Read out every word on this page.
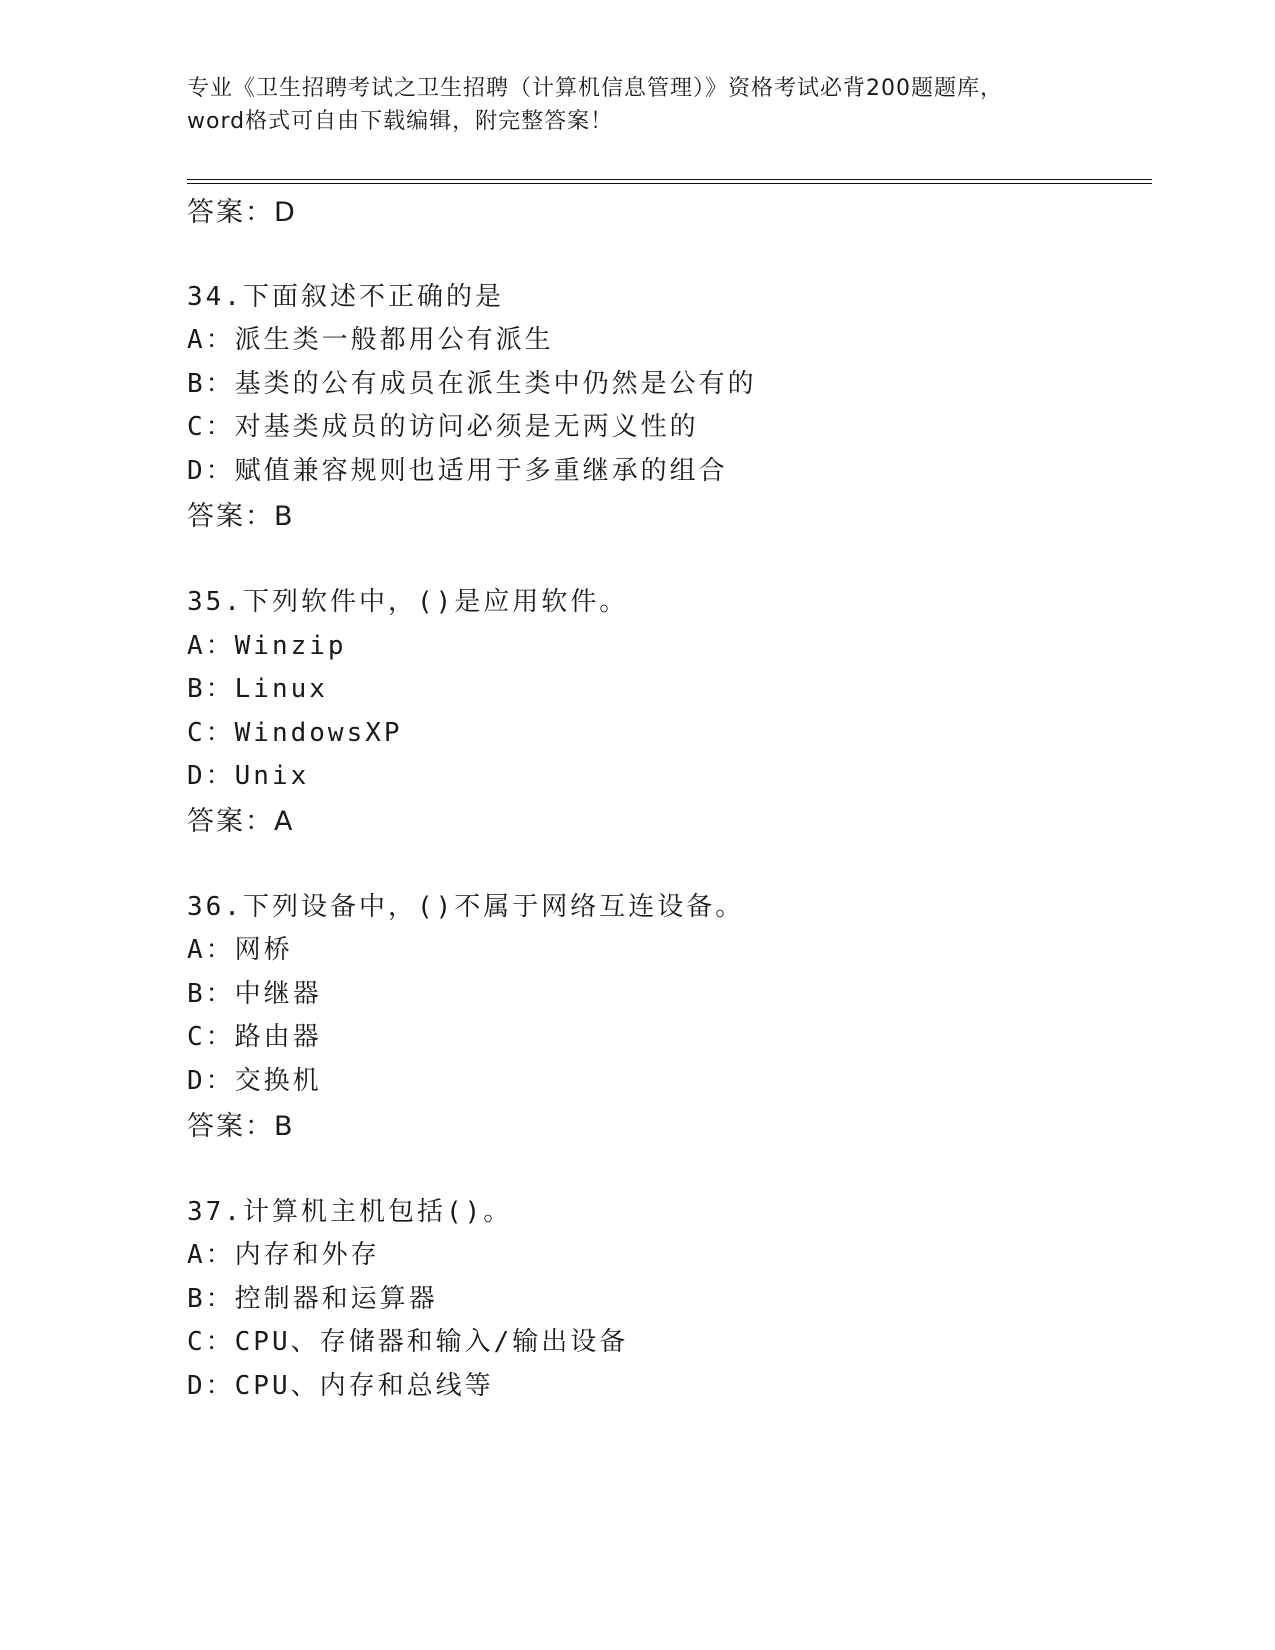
专业《卫生招聘考试之卫生招聘（计算机信息管理）》资格考试必背200题题库，
word格式可自由下载编辑，附完整答案！
答案：D
34.下面叙述不正确的是
A：派生类一般都用公有派生
B：基类的公有成员在派生类中仍然是公有的
C：对基类成员的访问必须是无两义性的
D：赋值兼容规则也适用于多重继承的组合
答案：B
35.下列软件中，()是应用软件。
A：Winzip
B：Linux
C：WindowsXP
D：Unix
答案：A
36.下列设备中，()不属于网络互连设备。
A：网桥
B：中继器
C：路由器
D：交换机
答案：B
37.计算机主机包括()。
A：内存和外存
B：控制器和运算器
C：CPU、存储器和输入/输出设备
D：CPU、内存和总线等
